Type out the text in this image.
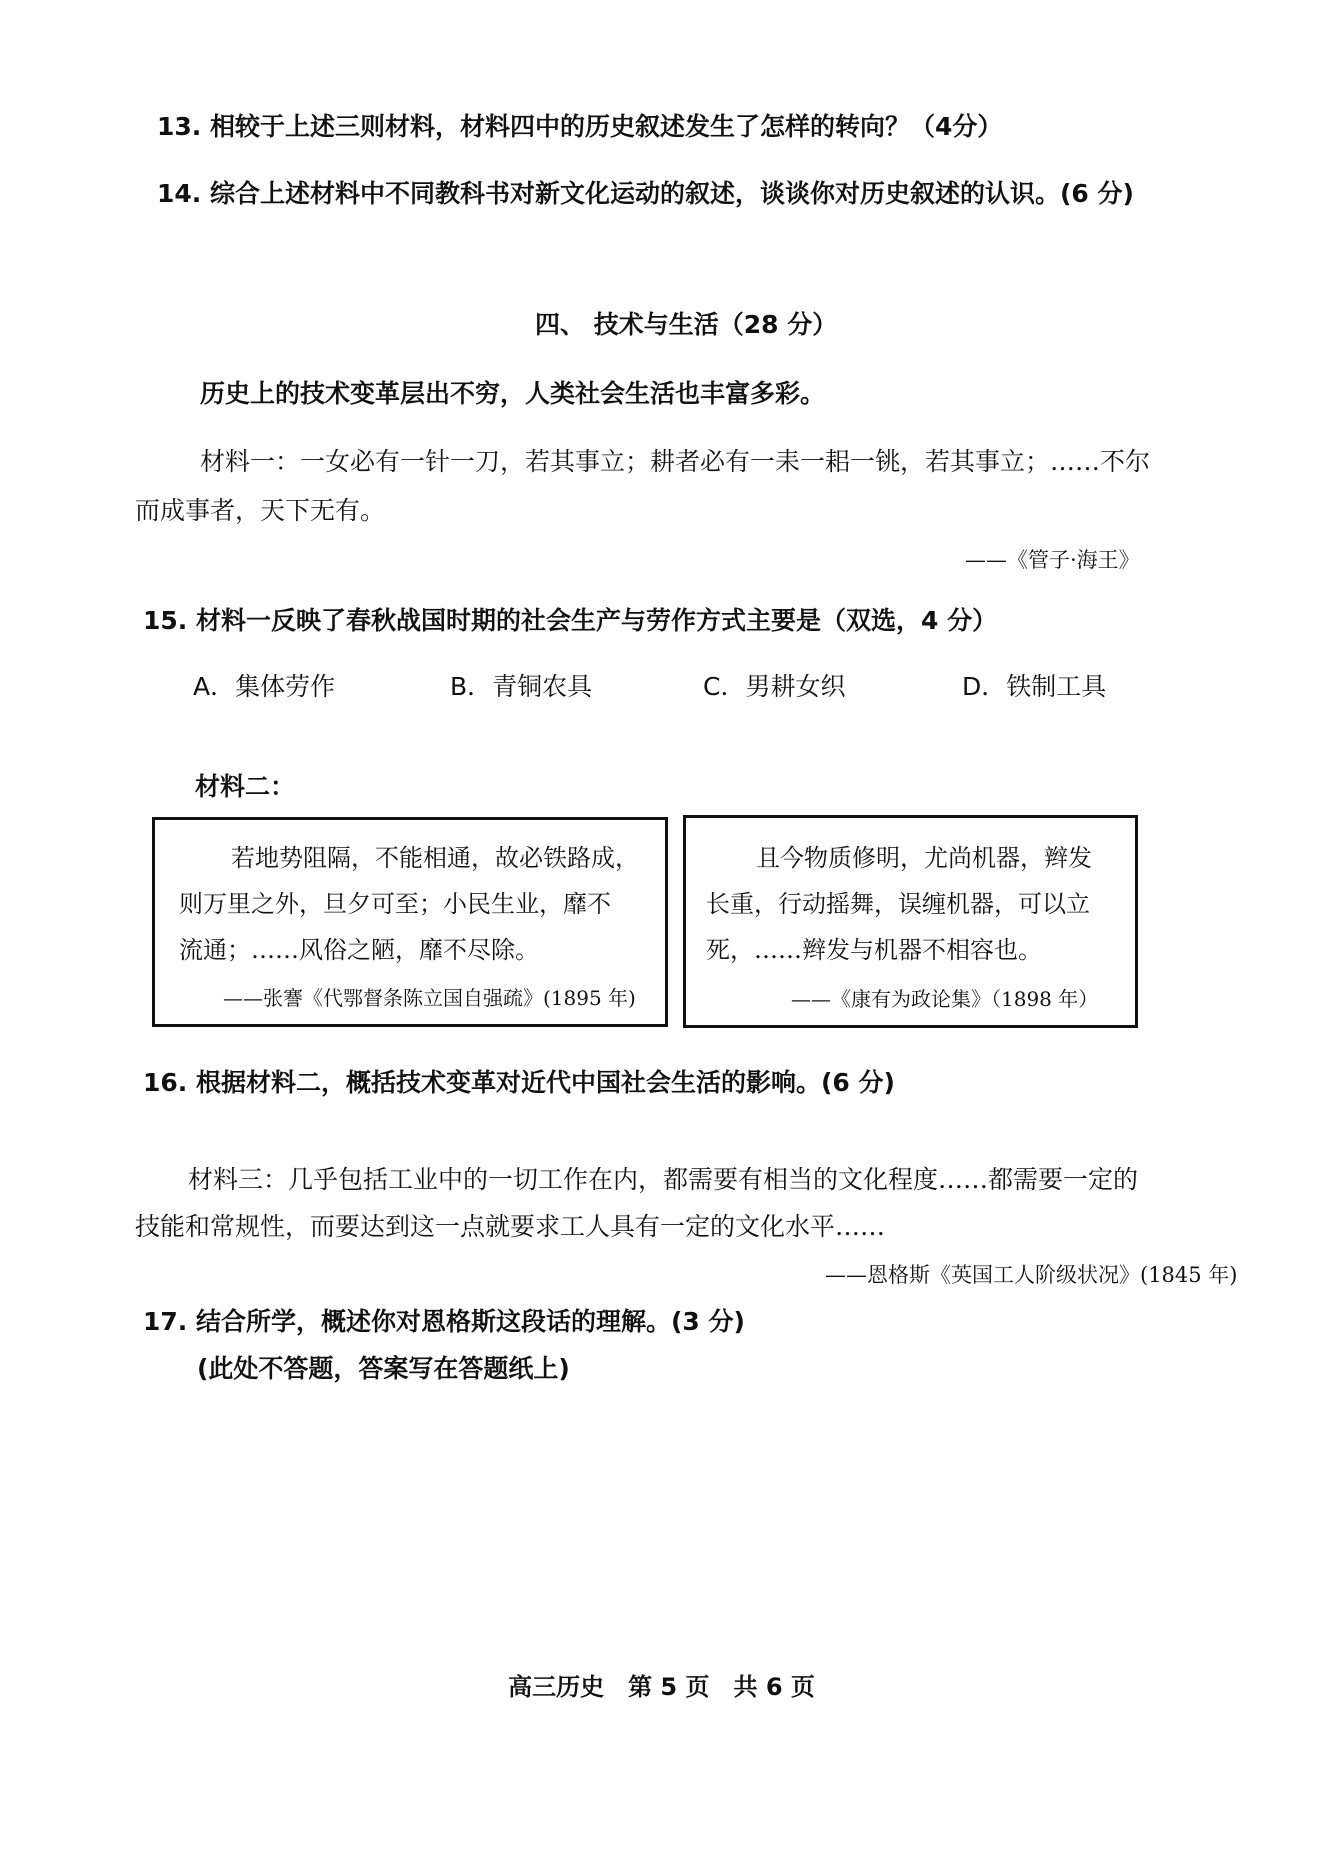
13. 相较于上述三则材料，材料四中的历史叙述发生了怎样的转向？（4分）
14. 综合上述材料中不同教科书对新文化运动的叙述，谈谈你对历史叙述的认识。(6 分)
四、 技术与生活（28 分）
历史上的技术变革层出不穷，人类社会生活也丰富多彩。
材料一：一女必有一针一刀，若其事立；耕者必有一耒一耜一铫，若其事立；……不尔
而成事者，天下无有。
——《管子·海王》
15. 材料一反映了春秋战国时期的社会生产与劳作方式主要是（双选，4 分）
A．集体劳作	B．青铜农具	C．男耕女织	D．铁制工具
材料二：
若地势阻隔，不能相通，故必铁路成，
则万里之外，旦夕可至；小民生业，靡不
流通；……风俗之陋，靡不尽除。
——张謇《代鄂督条陈立国自强疏》(1895 年)
且今物质修明，尤尚机器，辫发
长重，行动摇舞，误缠机器，可以立
死，……辫发与机器不相容也。
——《康有为政论集》（1898 年）
16. 根据材料二，概括技术变革对近代中国社会生活的影响。(6 分)
材料三：几乎包括工业中的一切工作在内，都需要有相当的文化程度……都需要一定的
技能和常规性，而要达到这一点就要求工人具有一定的文化水平……
——恩格斯《英国工人阶级状况》(1845 年)
17. 结合所学，概述你对恩格斯这段话的理解。(3 分)
(此处不答题，答案写在答题纸上)
高三历史　第 5 页　共 6 页
